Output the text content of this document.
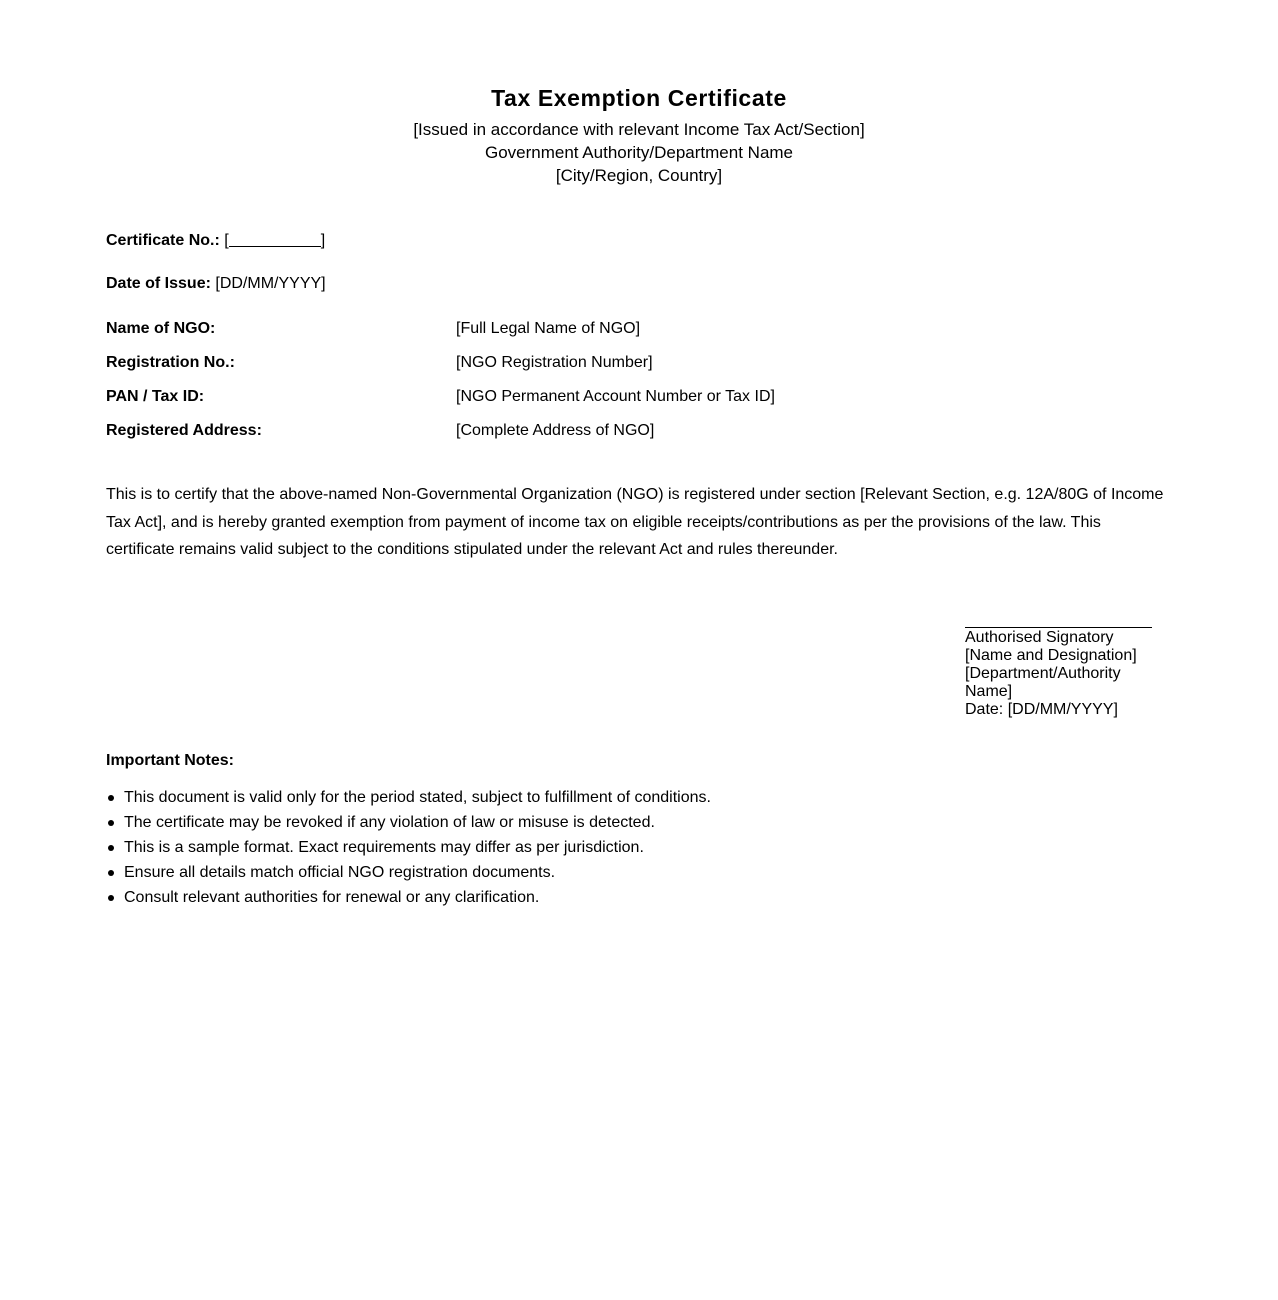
Tax Exemption Certificate
[Issued in accordance with relevant Income Tax Act/Section]
Government Authority/Department Name
[City/Region, Country]
Certificate No.: [	]
Date of Issue: [DD/MM/YYYY]
Name of NGO:	[Full Legal Name of NGO]
Registration No.:	[NGO Registration Number]
PAN / Tax ID:	[NGO Permanent Account Number or Tax ID]
Registered Address:	[Complete Address of NGO]

This is to certify that the above-named Non-Governmental Organization (NGO) is registered under section [Relevant Section, e.g. 12A/80G of Income Tax Act], and is hereby granted exemption from payment of income tax on eligible receipts/contributions as per the provisions of the law. This certificate remains valid subject to the conditions stipulated under the relevant Act and rules thereunder.

Authorised Signatory
[Name and Designation]
[Department/Authority Name]
Date: [DD/MM/YYYY]
Important Notes:
This document is valid only for the period stated, subject to fulfillment of conditions.
The certificate may be revoked if any violation of law or misuse is detected.
This is a sample format. Exact requirements may differ as per jurisdiction.
Ensure all details match official NGO registration documents.
Consult relevant authorities for renewal or any clarification.
